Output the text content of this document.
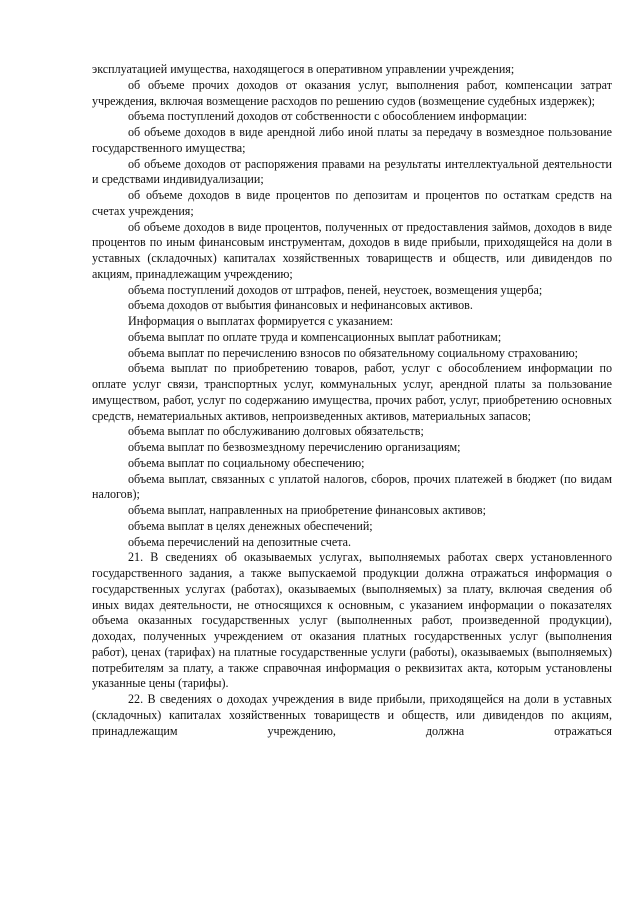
эксплуатацией имущества, находящегося в оперативном управлении учреждения;

об объеме прочих доходов от оказания услуг, выполнения работ, компенсации затрат учреждения, включая возмещение расходов по решению судов (возмещение судебных издержек);

объема поступлений доходов от собственности с обособлением информации:

об объеме доходов в виде арендной либо иной платы за передачу в возмездное пользование государственного имущества;

об объеме доходов от распоряжения правами на результаты интеллектуальной деятельности и средствами индивидуализации;

об объеме доходов в виде процентов по депозитам и процентов по остаткам средств на счетах учреждения;

об объеме доходов в виде процентов, полученных от предоставления займов, доходов в виде процентов по иным финансовым инструментам, доходов в виде прибыли, приходящейся на доли в уставных (складочных) капиталах хозяйственных товариществ и обществ, или дивидендов по акциям, принадлежащим учреждению;

объема поступлений доходов от штрафов, пеней, неустоек, возмещения ущерба;

объема доходов от выбытия финансовых и нефинансовых активов.

Информация о выплатах формируется с указанием:

объема выплат по оплате труда и компенсационных выплат работникам;

объема выплат по перечислению взносов по обязательному социальному страхованию;

объема выплат по приобретению товаров, работ, услуг с обособлением информации по оплате услуг связи, транспортных услуг, коммунальных услуг, арендной платы за пользование имуществом, работ, услуг по содержанию имущества, прочих работ, услуг, приобретению основных средств, нематериальных активов, непроизведенных активов, материальных запасов;

объема выплат по обслуживанию долговых обязательств;

объема выплат по безвозмездному перечислению организациям;

объема выплат по социальному обеспечению;

объема выплат, связанных с уплатой налогов, сборов, прочих платежей в бюджет (по видам налогов);

объема выплат, направленных на приобретение финансовых активов;

объема выплат в целях денежных обеспечений;

объема перечислений на депозитные счета.

21. В сведениях об оказываемых услугах, выполняемых работах сверх установленного государственного задания, а также выпускаемой продукции должна отражаться информация о государственных услугах (работах), оказываемых (выполняемых) за плату, включая сведения об иных видах деятельности, не относящихся к основным, с указанием информации о показателях объема оказанных государственных услуг (выполненных работ, произведенной продукции), доходах, полученных учреждением от оказания платных государственных услуг (выполнения работ), ценах (тарифах) на платные государственные услуги (работы), оказываемых (выполняемых) потребителям за плату, а также справочная информация о реквизитах акта, которым установлены указанные цены (тарифы).

22. В сведениях о доходах учреждения в виде прибыли, приходящейся на доли в уставных (складочных) капиталах хозяйственных товариществ и обществ, или дивидендов по акциям, принадлежащим учреждению, должна отражаться
